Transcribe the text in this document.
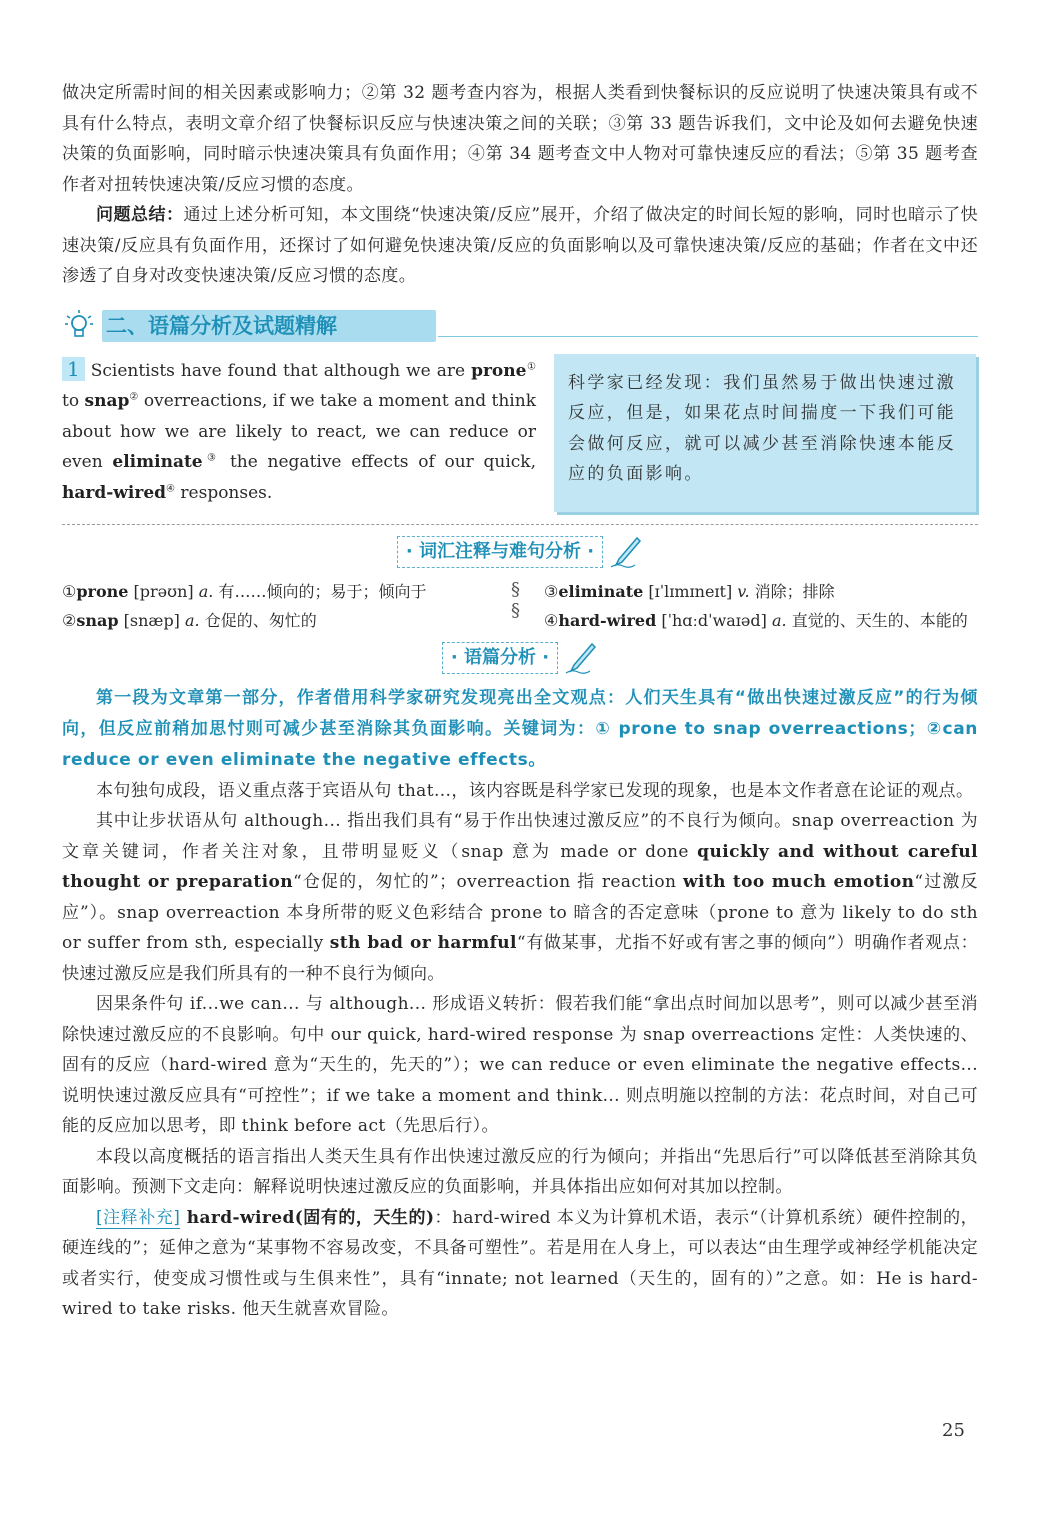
做决定所需时间的相关因素或影响力；②第 32 题考查内容为，根据人类看到快餐标识的反应说明了快速决策具有或不具有什么特点，表明文章介绍了快餐标识反应与快速决策之间的关联；③第 33 题告诉我们，文中论及如何去避免快速决策的负面影响，同时暗示快速决策具有负面作用；④第 34 题考查文中人物对可靠快速反应的看法；⑤第 35 题考查作者对扭转快速决策/反应习惯的态度。

问题总结：通过上述分析可知，本文围绕“快速决策/反应”展开，介绍了做决定的时间长短的影响，同时也暗示了快速决策/反应具有负面作用，还探讨了如何避免快速决策/反应的负面影响以及可靠快速决策/反应的基础；作者在文中还渗透了自身对改变快速决策/反应习惯的态度。

二、语篇分析及试题精解
1 Scientists have found that although we are prone① to snap② overreactions, if we take a moment and think about how we are likely to react, we can reduce or even eliminate③ the negative effects of our quick, hard-wired④ responses.
科学家已经发现：我们虽然易于做出快速过激反应，但是，如果花点时间揣度一下我们可能会做何反应，就可以减少甚至消除快速本能反应的负面影响。
· 词汇注释与难句分析 ·
①prone [prəʊn] a. 有……倾向的；易于；倾向于
②snap [snæp] a. 仓促的、匆忙的
§
§
③eliminate [ɪˈlɪmɪneɪt] v. 消除；排除
④hard-wired [ˈhɑːdˈwaɪəd] a. 直觉的、天生的、本能的
· 语篇分析 ·

第一段为文章第一部分，作者借用科学家研究发现亮出全文观点：人们天生具有“做出快速过激反应”的行为倾向，但反应前稍加思忖则可减少甚至消除其负面影响。关键词为：① prone to snap overreactions；②can reduce or even eliminate the negative effects。

本句独句成段，语义重点落于宾语从句 that...，该内容既是科学家已发现的现象，也是本文作者意在论证的观点。

其中让步状语从句 although... 指出我们具有“易于作出快速过激反应”的不良行为倾向。snap overreaction 为文章关键词，作者关注对象，且带明显贬义（snap 意为 made or done quickly and without careful thought or preparation“仓促的，匆忙的”；overreaction 指 reaction with too much emotion“过激反应”）。snap overreaction 本身所带的贬义色彩结合 prone to 暗含的否定意味（prone to 意为 likely to do sth or suffer from sth, especially sth bad or harmful“有做某事，尤指不好或有害之事的倾向”）明确作者观点：快速过激反应是我们所具有的一种不良行为倾向。

因果条件句 if...we can... 与 although... 形成语义转折：假若我们能“拿出点时间加以思考”，则可以减少甚至消除快速过激反应的不良影响。句中 our quick, hard-wired response 为 snap overreactions 定性：人类快速的、固有的反应（hard-wired 意为“天生的，先天的”）；we can reduce or even eliminate the negative effects... 说明快速过激反应具有“可控性”；if we take a moment and think... 则点明施以控制的方法：花点时间，对自己可能的反应加以思考，即 think before act（先思后行）。

本段以高度概括的语言指出人类天生具有作出快速过激反应的行为倾向；并指出“先思后行”可以降低甚至消除其负面影响。预测下文走向：解释说明快速过激反应的负面影响，并具体指出应如何对其加以控制。

[注释补充] hard-wired(固有的，天生的)：hard-wired 本义为计算机术语，表示“（计算机系统）硬件控制的，硬连线的”；延伸之意为“某事物不容易改变，不具备可塑性”。若是用在人身上，可以表达“由生理学或神经学机能决定或者实行，使变成习惯性或与生俱来性”，具有“innate; not learned（天生的，固有的）”之意。如：He is hard-wired to take risks. 他天生就喜欢冒险。

25
